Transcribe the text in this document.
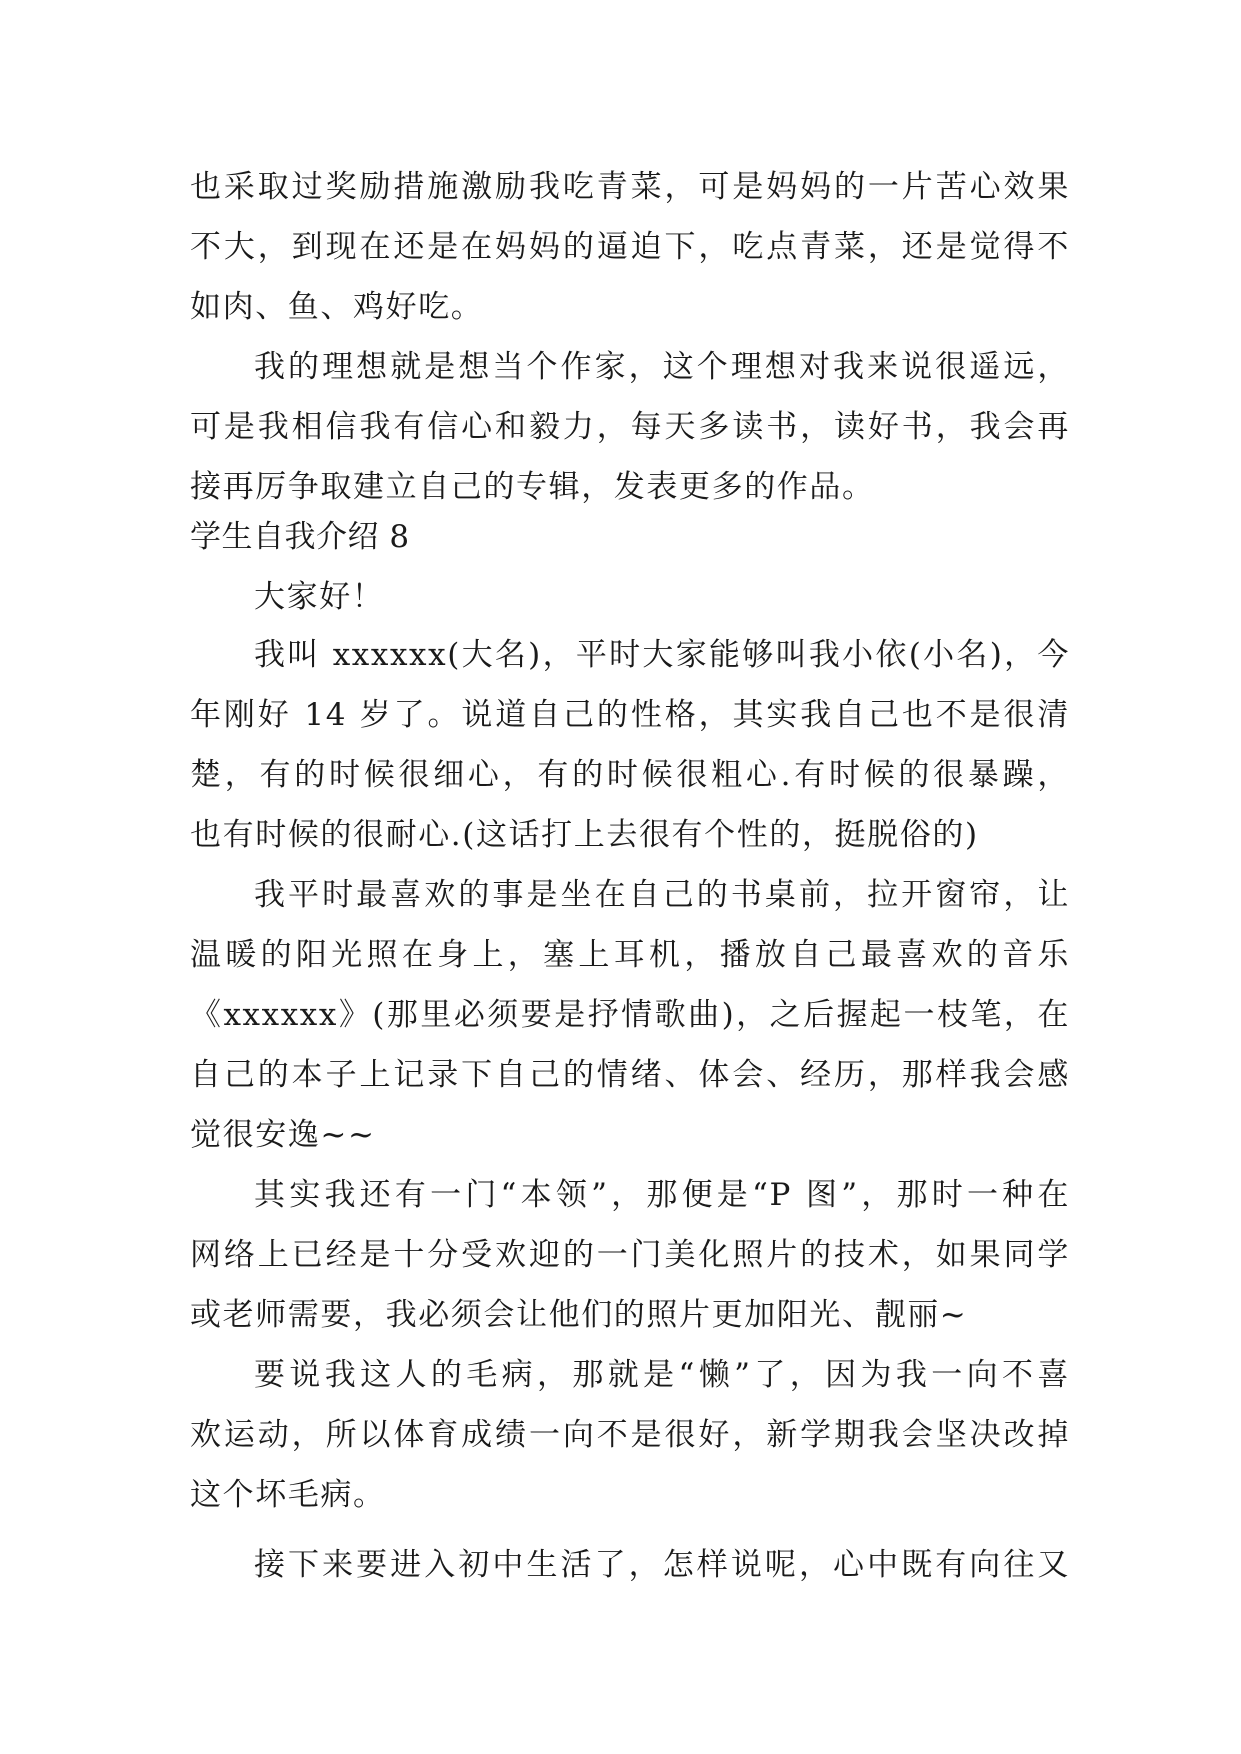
也采取过奖励措施激励我吃青菜，可是妈妈的一片苦心效果
不大，到现在还是在妈妈的逼迫下，吃点青菜，还是觉得不
如肉、鱼、鸡好吃。
我的理想就是想当个作家，这个理想对我来说很遥远，
可是我相信我有信心和毅力，每天多读书，读好书，我会再
接再厉争取建立自己的专辑，发表更多的作品。
学生自我介绍 8
大家好！
我叫 xxxxxx(大名)，平时大家能够叫我小依(小名)，今
年刚好 14 岁了。说道自己的性格，其实我自己也不是很清
楚，有的时候很细心，有的时候很粗心.有时候的很暴躁，
也有时候的很耐心.(这话打上去很有个性的，挺脱俗的)
我平时最喜欢的事是坐在自己的书桌前，拉开窗帘，让
温暖的阳光照在身上，塞上耳机，播放自己最喜欢的音乐
《xxxxxx》(那里必须要是抒情歌曲)，之后握起一枝笔，在
自己的本子上记录下自己的情绪、体会、经历，那样我会感
觉很安逸~~
其实我还有一门“本领”，那便是“P 图”，那时一种在
网络上已经是十分受欢迎的一门美化照片的技术，如果同学
或老师需要，我必须会让他们的照片更加阳光、靓丽~
要说我这人的毛病，那就是“懒”了，因为我一向不喜
欢运动，所以体育成绩一向不是很好，新学期我会坚决改掉
这个坏毛病。
接下来要进入初中生活了，怎样说呢，心中既有向往又
